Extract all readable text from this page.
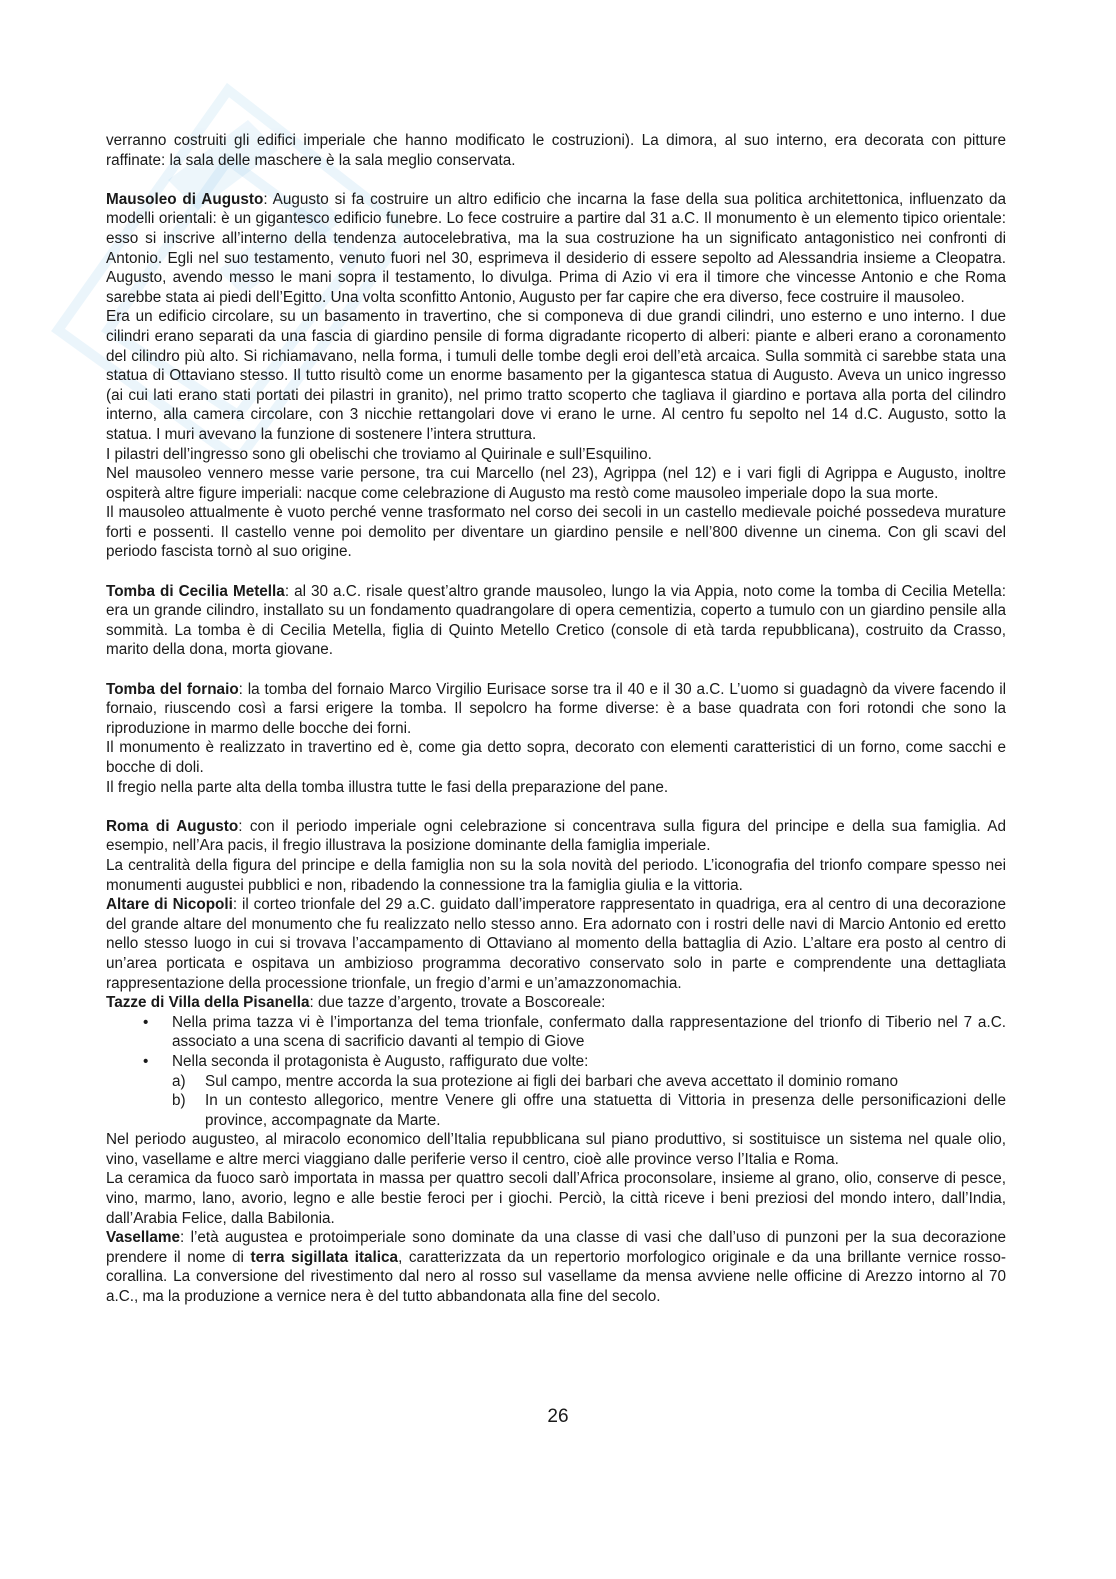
verranno costruiti gli edifici imperiale che hanno modificato le costruzioni). La dimora, al suo interno, era decorata con pitture raffinate: la sala delle maschere è la sala meglio conservata.

Mausoleo di Augusto: Augusto si fa costruire un altro edificio che incarna la fase della sua politica architettonica, influenzato da modelli orientali: è un gigantesco edificio funebre. Lo fece costruire a partire dal 31 a.C. Il monumento è un elemento tipico orientale: esso si inscrive all’interno della tendenza autocelebrativa, ma la sua costruzione ha un significato antagonistico nei confronti di Antonio. Egli nel suo testamento, venuto fuori nel 30, esprimeva il desiderio di essere sepolto ad Alessandria insieme a Cleopatra. Augusto, avendo messo le mani sopra il testamento, lo divulga. Prima di Azio vi era il timore che vincesse Antonio e che Roma sarebbe stata ai piedi dell’Egitto. Una volta sconfitto Antonio, Augusto per far capire che era diverso, fece costruire il mausoleo.

Era un edificio circolare, su un basamento in travertino, che si componeva di due grandi cilindri, uno esterno e uno interno. I due cilindri erano separati da una fascia di giardino pensile di forma digradante ricoperto di alberi: piante e alberi erano a coronamento del cilindro più alto. Si richiamavano, nella forma, i tumuli delle tombe degli eroi dell’età arcaica. Sulla sommità ci sarebbe stata una statua di Ottaviano stesso. Il tutto risultò come un enorme basamento per la gigantesca statua di Augusto. Aveva un unico ingresso (ai cui lati erano stati portati dei pilastri in granito), nel primo tratto scoperto che tagliava il giardino e portava alla porta del cilindro interno, alla camera circolare, con 3 nicchie rettangolari dove vi erano le urne. Al centro fu sepolto nel 14 d.C. Augusto, sotto la statua. I muri avevano la funzione di sostenere l’intera struttura.

I pilastri dell’ingresso sono gli obelischi che troviamo al Quirinale e sull’Esquilino.

Nel mausoleo vennero messe varie persone, tra cui Marcello (nel 23), Agrippa (nel 12) e i vari figli di Agrippa e Augusto, inoltre ospiterà altre figure imperiali: nacque come celebrazione di Augusto ma restò come mausoleo imperiale dopo la sua morte.

Il mausoleo attualmente è vuoto perché venne trasformato nel corso dei secoli in un castello medievale poiché possedeva murature forti e possenti. Il castello venne poi demolito per diventare un giardino pensile e nell’800 divenne un cinema. Con gli scavi del periodo fascista tornò al suo origine.

Tomba di Cecilia Metella: al 30 a.C. risale quest’altro grande mausoleo, lungo la via Appia, noto come la tomba di Cecilia Metella: era un grande cilindro, installato su un fondamento quadrangolare di opera cementizia, coperto a tumulo con un giardino pensile alla sommità. La tomba è di Cecilia Metella, figlia di Quinto Metello Cretico (console di età tarda repubblicana), costruito da Crasso, marito della dona, morta giovane.

Tomba del fornaio: la tomba del fornaio Marco Virgilio Eurisace sorse tra il 40 e il 30 a.C. L’uomo si guadagnò da vivere facendo il fornaio, riuscendo così a farsi erigere la tomba. Il sepolcro ha forme diverse: è a base quadrata con fori rotondi che sono la riproduzione in marmo delle bocche dei forni.

Il monumento è realizzato in travertino ed è, come gia detto sopra, decorato con elementi caratteristici di un forno, come sacchi e bocche di doli.

Il fregio nella parte alta della tomba illustra tutte le fasi della preparazione del pane.

Roma di Augusto: con il periodo imperiale ogni celebrazione si concentrava sulla figura del principe e della sua famiglia. Ad esempio, nell’Ara pacis, il fregio illustrava la posizione dominante della famiglia imperiale.

La centralità della figura del principe e della famiglia non su la sola novità del periodo. L’iconografia del trionfo compare spesso nei monumenti augustei pubblici e non, ribadendo la connessione tra la famiglia giulia e la vittoria.

Altare di Nicopoli: il corteo trionfale del 29 a.C. guidato dall’imperatore rappresentato in quadriga, era al centro di una decorazione del grande altare del monumento che fu realizzato nello stesso anno. Era adornato con i rostri delle navi di Marcio Antonio ed eretto nello stesso luogo in cui si trovava l’accampamento di Ottaviano al momento della battaglia di Azio. L’altare era posto al centro di un’area porticata e ospitava un ambizioso programma decorativo conservato solo in parte e comprendente una dettagliata rappresentazione della processione trionfale, un fregio d’armi e un’amazzonomachia.

Tazze di Villa della Pisanella: due tazze d’argento, trovate a Boscoreale:

• Nella prima tazza vi è l’importanza del tema trionfale, confermato dalla rappresentazione del trionfo di Tiberio nel 7 a.C. associato a una scena di sacrificio davanti al tempio di Giove
• Nella seconda il protagonista è Augusto, raffigurato due volte:
a) Sul campo, mentre accorda la sua protezione ai figli dei barbari che aveva accettato il dominio romano
b) In un contesto allegorico, mentre Venere gli offre una statuetta di Vittoria in presenza delle personificazioni delle province, accompagnate da Marte.

Nel periodo augusteo, al miracolo economico dell’Italia repubblicana sul piano produttivo, si sostituisce un sistema nel quale olio, vino, vasellame e altre merci viaggiano dalle periferie verso il centro, cioè alle province verso l’Italia e Roma.

La ceramica da fuoco sarò importata in massa per quattro secoli dall’Africa proconsolare, insieme al grano, olio, conserve di pesce, vino, marmo, lano, avorio, legno e alle bestie feroci per i giochi. Perciò, la città riceve i beni preziosi del mondo intero, dall’India, dall’Arabia Felice, dalla Babilonia.

Vasellame: l’età augustea e protoimperiale sono dominate da una classe di vasi che dall’uso di punzoni per la sua decorazione prendere il nome di terra sigillata italica, caratterizzata da un repertorio morfologico originale e da una brillante vernice rosso-corallina. La conversione del rivestimento dal nero al rosso sul vasellame da mensa avviene nelle officine di Arezzo intorno al 70 a.C., ma la produzione a vernice nera è del tutto abbandonata alla fine del secolo.

26
